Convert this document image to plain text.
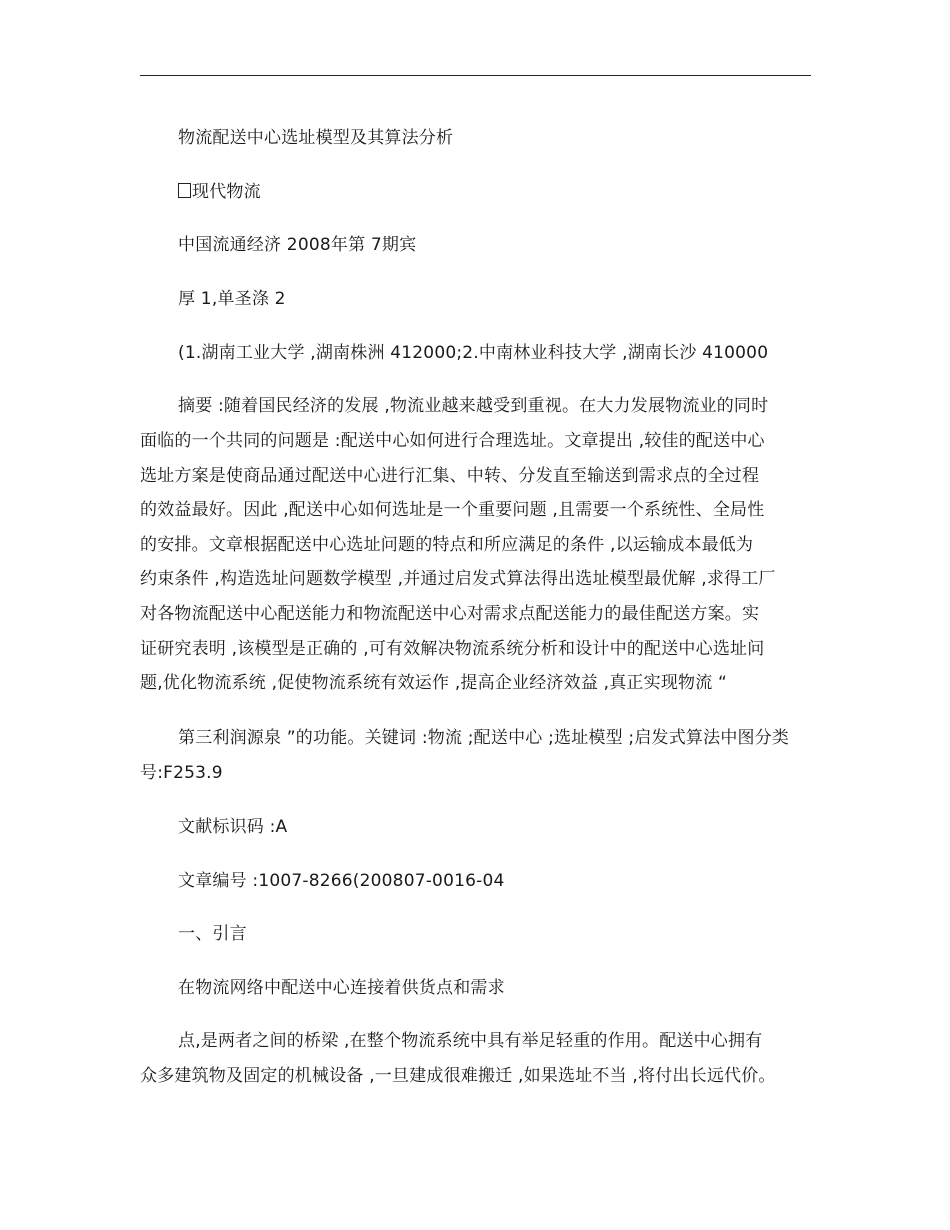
物流配送中心选址模型及其算法分析
现代物流
中国流通经济 2008年第 7期宾
厚 1,单圣涤 2
(1.湖南工业大学 ,湖南株洲 412000;2.中南林业科技大学 ,湖南长沙 410000
摘要 :随着国民经济的发展 ,物流业越来越受到重视。在大力发展物流业的同时
面临的一个共同的问题是 :配送中心如何进行合理选址。文章提出 ,较佳的配送中心
选址方案是使商品通过配送中心进行汇集、中转、分发直至输送到需求点的全过程
的效益最好。因此 ,配送中心如何选址是一个重要问题 ,且需要一个系统性、全局性
的安排。文章根据配送中心选址问题的特点和所应满足的条件 ,以运输成本最低为
约束条件 ,构造选址问题数学模型 ,并通过启发式算法得出选址模型最优解 ,求得工厂
对各物流配送中心配送能力和物流配送中心对需求点配送能力的最佳配送方案。实
证研究表明 ,该模型是正确的 ,可有效解决物流系统分析和设计中的配送中心选址问
题,优化物流系统 ,促使物流系统有效运作 ,提高企业经济效益 ,真正实现物流 “
第三利润源泉 ”的功能。关键词 :物流 ;配送中心 ;选址模型 ;启发式算法中图分类
号:F253.9
文献标识码 :A
文章编号 :1007-8266(200807-0016-04
一、引言
在物流网络中配送中心连接着供货点和需求
点,是两者之间的桥梁 ,在整个物流系统中具有举足轻重的作用。配送中心拥有
众多建筑物及固定的机械设备 ,一旦建成很难搬迁 ,如果选址不当 ,将付出长远代价。
